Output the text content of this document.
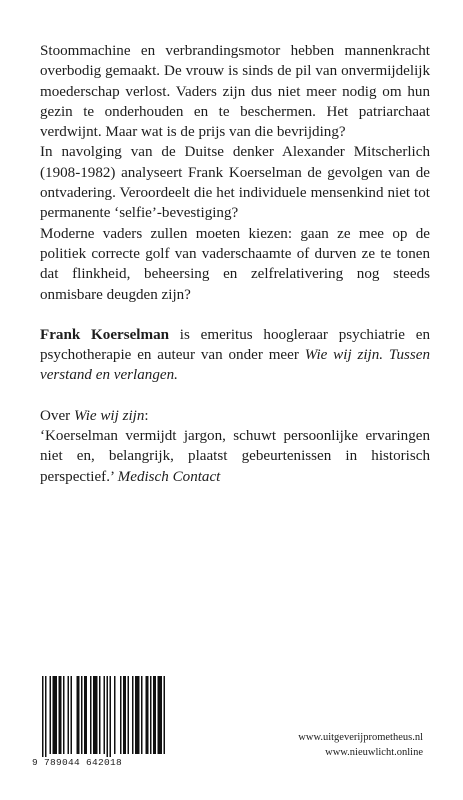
Stoommachine en verbrandingsmotor hebben mannenkracht overbodig gemaakt. De vrouw is sinds de pil van onvermijdelijk moederschap verlost. Vaders zijn dus niet meer nodig om hun gezin te onderhouden en te beschermen. Het patriarchaat verdwijnt. Maar wat is de prijs van die bevrijding?

In navolging van de Duitse denker Alexander Mitscherlich (1908-1982) analyseert Frank Koerselman de gevolgen van de ontvadering. Veroordeelt die het individuele mensenkind niet tot permanente ‘selfie’-bevestiging?

Moderne vaders zullen moeten kiezen: gaan ze mee op de politiek correcte golf van vaderschaamte of durven ze te tonen dat flinkheid, beheersing en zelfrelativering nog steeds onmisbare deugden zijn?

Frank Koerselman is emeritus hoogleraar psychiatrie en psychotherapie en auteur van onder meer Wie wij zijn. Tussen verstand en verlangen.

Over Wie wij zijn:

‘Koerselman vermijdt jargon, schuwt persoonlijke ervaringen niet en, belangrijk, plaatst gebeurtenissen in historisch perspectief.’ Medisch Contact

9 789044 642018
www.uitgeverijprometheus.nl
www.nieuwlicht.online
